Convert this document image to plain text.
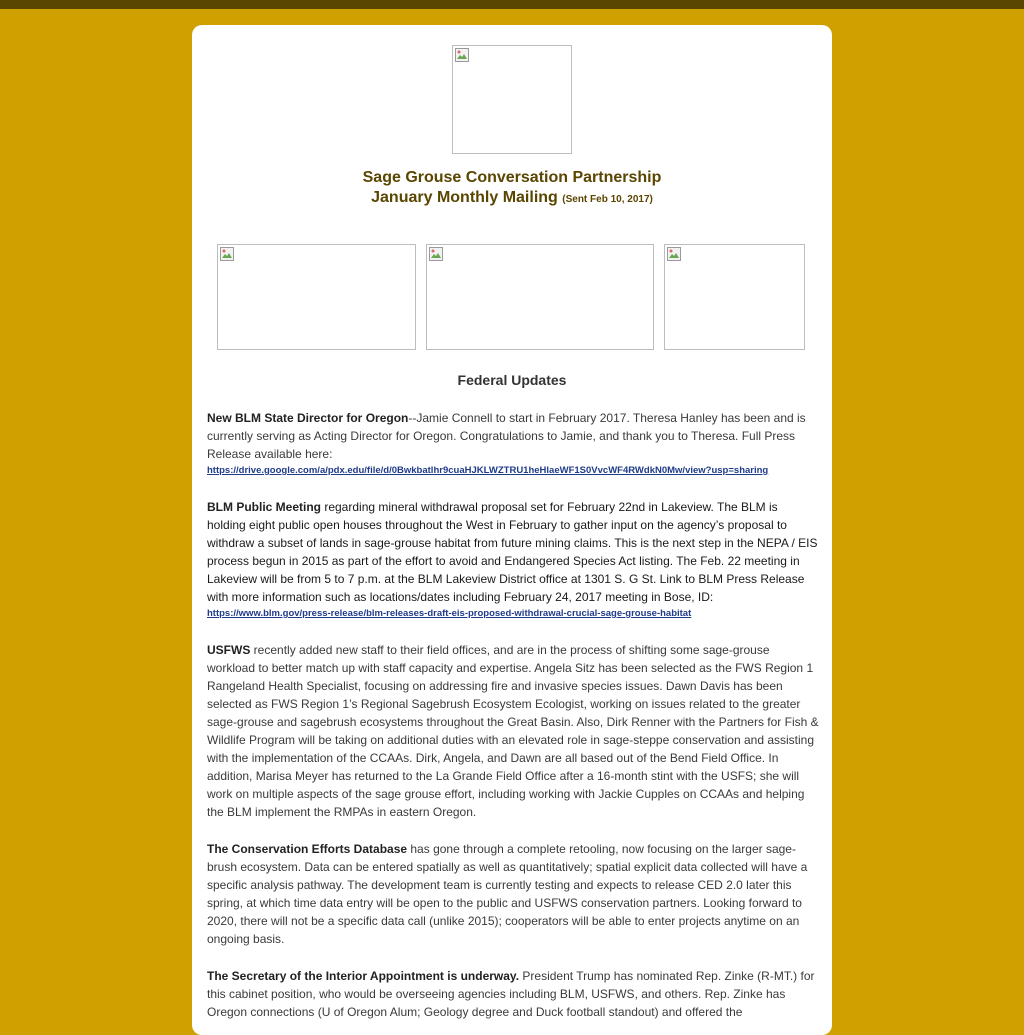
Sage Grouse Conversation Partnership
January Monthly Mailing (Sent Feb 10, 2017)
Federal Updates

New BLM State Director for Oregon--Jamie Connell to start in February 2017. Theresa Hanley has been and is currently serving as Acting Director for Oregon. Congratulations to Jamie, and thank you to Theresa. Full Press Release available here:
https://drive.google.com/a/pdx.edu/file/d/0Bwkbatlhr9cuaHJKLWZTRU1heHlaeWF1S0VvcWF4RWdkN0Mw/view?usp=sharing

BLM Public Meeting regarding mineral withdrawal proposal set for February 22nd in Lakeview. The BLM is holding eight public open houses throughout the West in February to gather input on the agency’s proposal to withdraw a subset of lands in sage-grouse habitat from future mining claims. This is the next step in the NEPA / EIS process begun in 2015 as part of the effort to avoid and Endangered Species Act listing. The Feb. 22 meeting in Lakeview will be from 5 to 7 p.m. at the BLM Lakeview District office at 1301 S. G St. Link to BLM Press Release with more information such as locations/dates including February 24, 2017 meeting in Bose, ID:
https://www.blm.gov/press-release/blm-releases-draft-eis-proposed-withdrawal-crucial-sage-grouse-habitat

USFWS recently added new staff to their field offices, and are in the process of shifting some sage-grouse workload to better match up with staff capacity and expertise. Angela Sitz has been selected as the FWS Region 1 Rangeland Health Specialist, focusing on addressing fire and invasive species issues. Dawn Davis has been selected as FWS Region 1’s Regional Sagebrush Ecosystem Ecologist, working on issues related to the greater sage-grouse and sagebrush ecosystems throughout the Great Basin. Also, Dirk Renner with the Partners for Fish & Wildlife Program will be taking on additional duties with an elevated role in sage-steppe conservation and assisting with the implementation of the CCAAs. Dirk, Angela, and Dawn are all based out of the Bend Field Office. In addition, Marisa Meyer has returned to the La Grande Field Office after a 16-month stint with the USFS; she will work on multiple aspects of the sage grouse effort, including working with Jackie Cupples on CCAAs and helping the BLM implement the RMPAs in eastern Oregon.

The Conservation Efforts Database has gone through a complete retooling, now focusing on the larger sage-brush ecosystem. Data can be entered spatially as well as quantitatively; spatial explicit data collected will have a specific analysis pathway. The development team is currently testing and expects to release CED 2.0 later this spring, at which time data entry will be open to the public and USFWS conservation partners. Looking forward to 2020, there will not be a specific data call (unlike 2015); cooperators will be able to enter projects anytime on an ongoing basis.

The Secretary of the Interior Appointment is underway. President Trump has nominated Rep. Zinke (R-MT.) for this cabinet position, who would be overseeing agencies including BLM, USFWS, and others. Rep. Zinke has Oregon connections (U of Oregon Alum; Geology degree and Duck football standout) and offered the
